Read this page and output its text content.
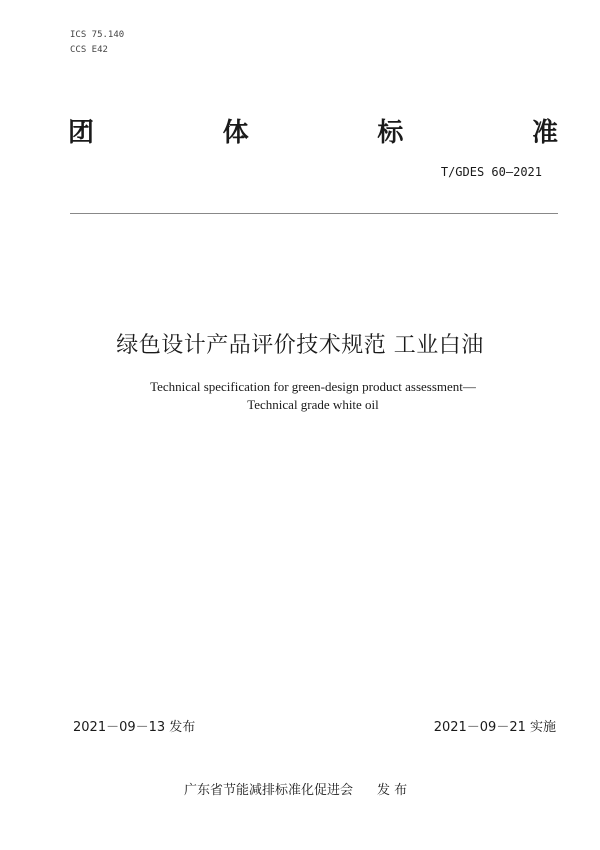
ICS 75.140
CCS E42
团	体	标	准
T/GDES 60—2021
绿色设计产品评价技术规范 工业白油
Technical specification for green-design product assessment—
Technical grade white oil
2021－09－13 发布	2021－09－21 实施
广东省节能减排标准化促进会 发 布
